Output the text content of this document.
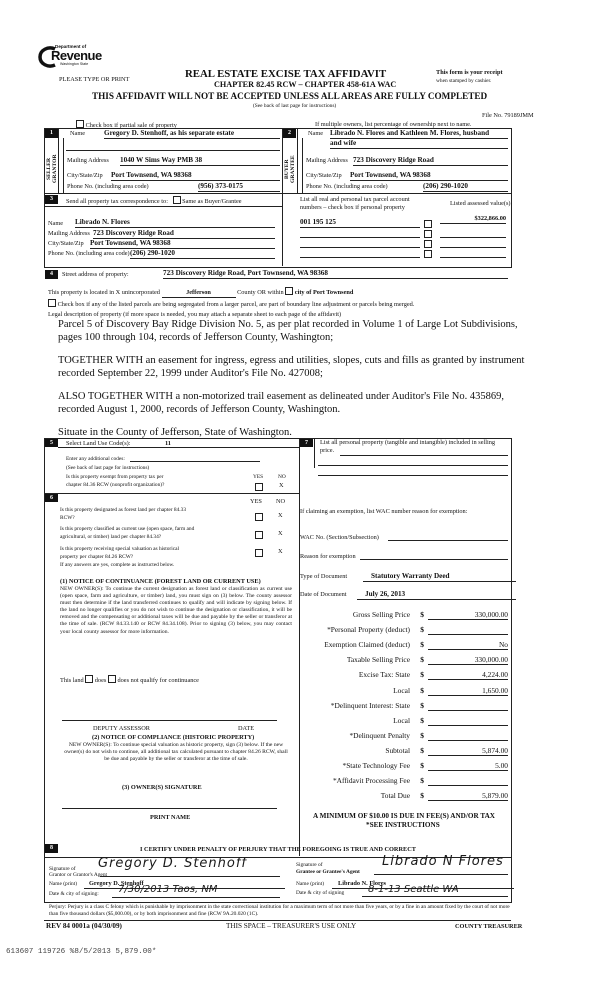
Department of
Revenue
Washington State
PLEASE TYPE OR PRINT	REAL ESTATE EXCISE TAX AFFIDAVIT
CHAPTER 82.45 RCW – CHAPTER 458-61A WAC
THIS AFFIDAVIT WILL NOT BE ACCEPTED UNLESS ALL AREAS ARE FULLY COMPLETED
(See back of last page for instructions)
This form is your receipt
when stamped by cashier.
File No. 79189JMM
Check box if partial sale of property	If multiple owners, list percentage of ownership next to name.
1
SELLER GRANTOR
Name	Gregory D. Stenhoff, as his separate estate
Mailing Address 1040 W Sims Way PMB 38
City/State/Zip Port Townsend, WA 98368
Phone No. (including area code)	(956) 373-0175
2
BUYER GRANTEE
Name Librado N. Flores and Kathleen M. Flores, husband
and wife
Mailing Address 723 Discovery Ridge Road
City/State/Zip Port Townsend, WA 98368
Phone No. (including area code)	(206) 290-1020
3	Send all property tax correspondence to: Same as Buyer/Grantee
Name Librado N. Flores
Mailing Address 723 Discovery Ridge Road
City/State/Zip Port Townsend, WA 98368
Phone No. (including area code) (206) 290-1020
List all real and personal tax parcel account
numbers – check box if personal property
Listed assessed value(s)
001 195 125	$322,866.00
4	Street address of property:	723 Discovery Ridge Road, Port Townsend, WA 98368
This property is located in X unincorporated	Jefferson	County OR within city of Port Townsend
Check box if any of the listed parcels are being segregated from a larger parcel, are part of boundary line adjustment or parcels being merged.
Legal description of property (if more space is needed, you may attach a separate sheet to each page of the affidavit)
Parcel 5 of Discovery Bay Ridge Division No. 5, as per plat recorded in Volume 1 of Large Lot Subdivisions, pages 100 through 104, records of Jefferson County, Washington;
TOGETHER WITH an easement for ingress, egress and utilities, slopes, cuts and fills as granted by instrument recorded September 22, 1999 under Auditor's File No. 427008;
ALSO TOGETHER WITH a non-motorized trail easement as delineated under Auditor's File No. 435869, recorded August 1, 2000, records of Jefferson County, Washington.
Situate in the County of Jefferson, State of Washington.
5	Select Land Use Code(s):	11
Enter any additional codes:
(See back of last page for instructions)
Is this property exempt from property tax per
chapter 84.36 RCW (nonprofit organization)?
YES	NO
X
6	YES NO
Is this property designated as forest land per chapter 84.33
RCW?	X
Is this property classified as current use (open space, farm and
agricultural, or timber) land per chapter 84.34?	X
Is this property receiving special valuation as historical
property per chapter 84.26 RCW?
X
If any answers are yes, complete as instructed below.
(1) NOTICE OF CONTINUANCE (FOREST LAND OR CURRENT USE)
NEW OWNER(S): To continue the current designation as forest land or classification as current use (open space, farm and agriculture, or timber) land, you must sign on (3) below. The county assessor must then determine if the land transferred continues to qualify and will indicate by signing below. If the land no longer qualifies or you do not wish to continue the designation or classification, it will be removed and the compensating or additional taxes will be due and payable by the seller or transferor at the time of sale. (RCW 84.33.140 or RCW 84.34.108). Prior to signing (3) below, you may contact your local county assessor for more information.
This land does does not qualify for continuance
DEPUTY ASSESSOR	DATE
(2) NOTICE OF COMPLIANCE (HISTORIC PROPERTY)
NEW OWNER(S): To continue special valuation as historic property, sign (3) below. If the new owner(s) do not wish to continue, all additional tax calculated pursuant to chapter 84.26 RCW, shall be due and payable by the seller or transferor at the time of sale.
(3) OWNER(S) SIGNATURE
PRINT NAME
7	List all personal property (tangible and intangible) included in selling
price.
If claiming an exemption, list WAC number reason for exemption:
WAC No. (Section/Subsection)
Reason for exemption
Type of Document	Statutory Warranty Deed
Date of Document	July 26, 2013
Gross Selling Price	$	330,000.00
*Personal Property (deduct)	$
Exemption Claimed (deduct)	$	No
Taxable Selling Price	$	330,000.00
Excise Tax: State	$	4,224.00
Local	$	1,650.00
*Delinquent Interest: State	$
Local	$
*Delinquent Penalty	$
Subtotal	$	5,874.00
*State Technology Fee	$	5.00
*Affidavit Processing Fee	$
Total Due	$	5,879.00
A MINIMUM OF $10.00 IS DUE IN FEE(S) AND/OR TAX
*SEE INSTRUCTIONS
8	I CERTIFY UNDER PENALTY OF PERJURY THAT THE FOREGOING IS TRUE AND CORRECT
Signature of
Grantor or Grantor's Agent
Gregory D. Stenhoff
Name (print)	Gregory D. Stenhoff
Date & city of signing: 7/30/2013 Taos, NM
Signature of
Grantee or Grantee's Agent
Librado N Flores
Name (print)	Librado N. Flores
Date & city of signing 8-1-13 Seattle WA
Perjury: Perjury is a class C felony which is punishable by imprisonment in the state correctional institution for a maximum term of not more than five years, or by a fine in an amount fixed by the court of not more than five thousand dollars ($5,000.00), or by both imprisonment and fine (RCW 9A.20.020 (1C).
REV 84 0001a (04/30/09)	THIS SPACE – TREASURER'S USE ONLY	COUNTY TREASURER
613607 119726 %8/5/2013 5,879.00*
